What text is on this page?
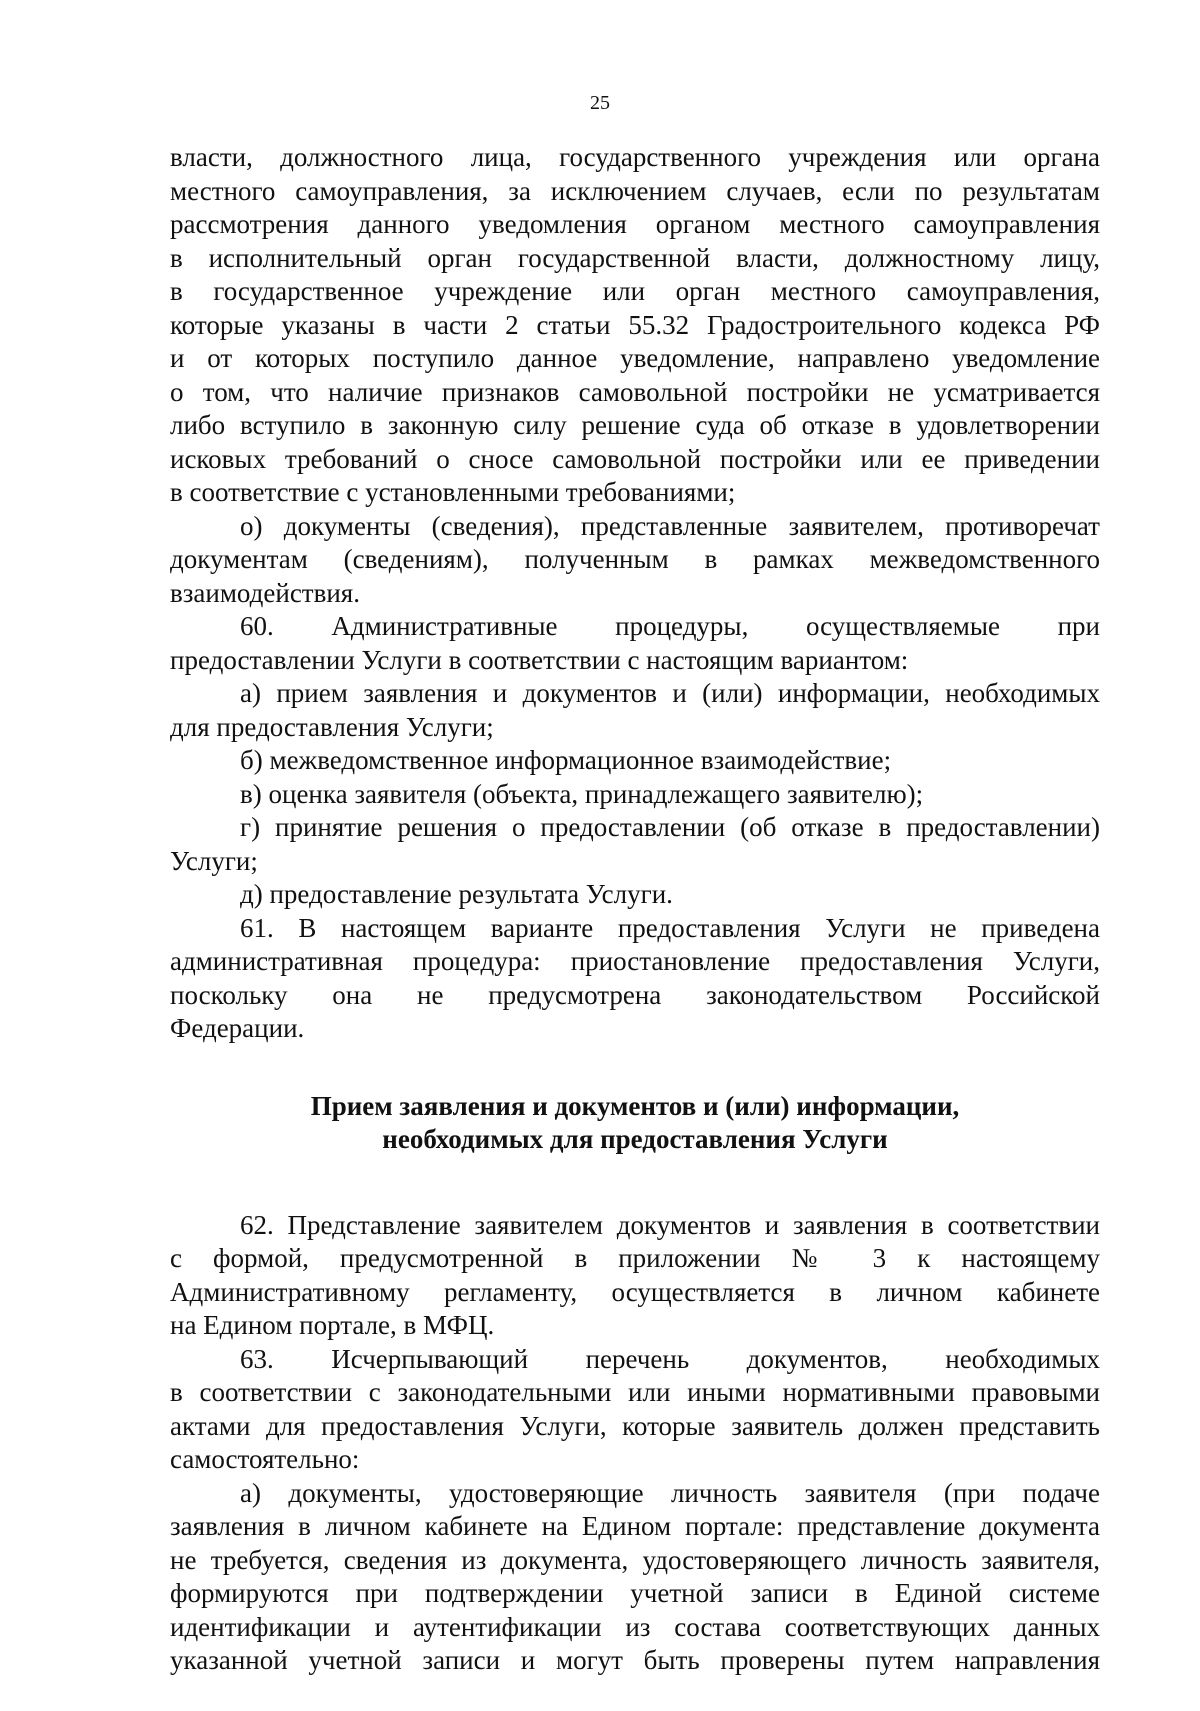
25
власти, должностного лица, государственного учреждения или органа
местного самоуправления, за исключением случаев, если по результатам
рассмотрения данного уведомления органом местного самоуправления
в исполнительный орган государственной власти, должностному лицу,
в государственное учреждение или орган местного самоуправления,
которые указаны в части 2 статьи 55.32 Градостроительного кодекса РФ
и от которых поступило данное уведомление, направлено уведомление
о том, что наличие признаков самовольной постройки не усматривается
либо вступило в законную силу решение суда об отказе в удовлетворении
исковых требований о сносе самовольной постройки или ее приведении
в соответствие с установленными требованиями;
о) документы (сведения), представленные заявителем, противоречат
документам (сведениям), полученным в рамках межведомственного
взаимодействия.
60. Административные процедуры, осуществляемые при
предоставлении Услуги в соответствии с настоящим вариантом:
а) прием заявления и документов и (или) информации, необходимых
для предоставления Услуги;
б) межведомственное информационное взаимодействие;
в) оценка заявителя (объекта, принадлежащего заявителю);
г) принятие решения о предоставлении (об отказе в предоставлении)
Услуги;
д) предоставление результата Услуги.
61. В настоящем варианте предоставления Услуги не приведена
административная процедура: приостановление предоставления Услуги,
поскольку она не предусмотрена законодательством Российской
Федерации.
Прием заявления и документов и (или) информации,
необходимых для предоставления Услуги
62. Представление заявителем документов и заявления в соответствии
с формой, предусмотренной в приложении № 3 к настоящему
Административному регламенту, осуществляется в личном кабинете
на Едином портале, в МФЦ.
63. Исчерпывающий перечень документов, необходимых
в соответствии с законодательными или иными нормативными правовыми
актами для предоставления Услуги, которые заявитель должен представить
самостоятельно:
а) документы, удостоверяющие личность заявителя (при подаче
заявления в личном кабинете на Едином портале: представление документа
не требуется, сведения из документа, удостоверяющего личность заявителя,
формируются при подтверждении учетной записи в Единой системе
идентификации и аутентификации из состава соответствующих данных
указанной учетной записи и могут быть проверены путем направления
